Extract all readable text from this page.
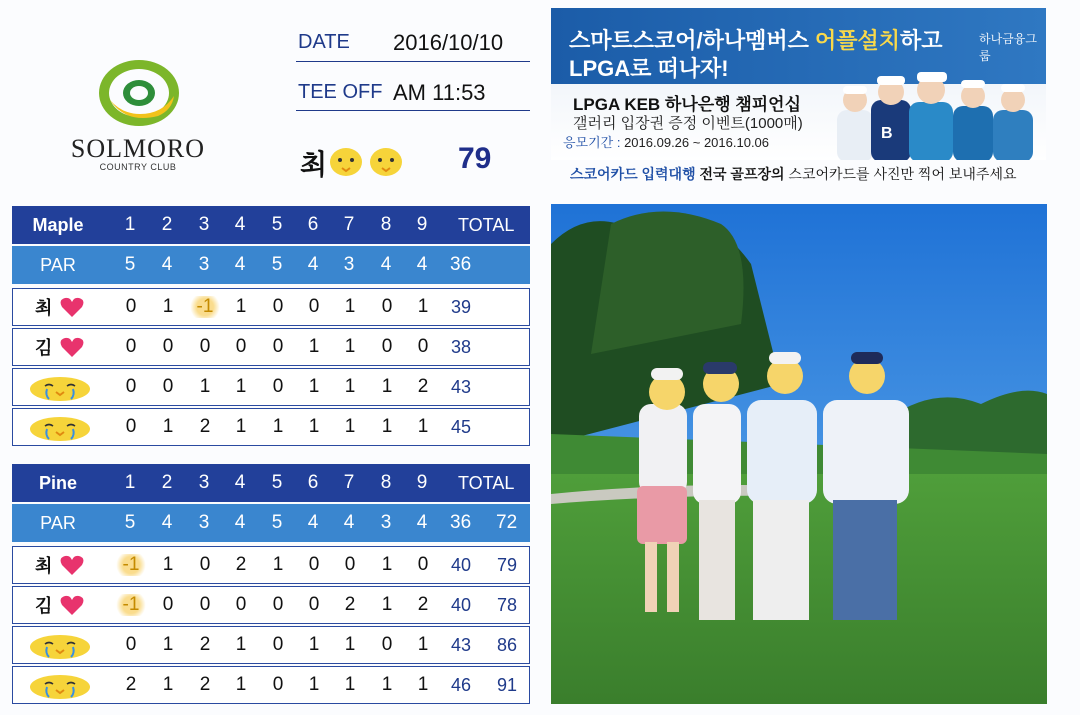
SOLMORO
COUNTRY CLUB
DATE 2016/10/10
TEE OFF AM 11:53
최	79
Maple	1	2	3	4	5	6	7	8	9	TOTAL
PAR	5	4	3	4	5	4	3	4	4	36
최	0	1	-1	1	0	0	1	0	1	39
김	0	0	0	0	0	1	1	0	0	38
0	0	1	1	0	1	1	1	2	43
0	1	2	1	1	1	1	1	1	45
Pine	1	2	3	4	5	6	7	8	9	TOTAL
PAR	5	4	3	4	5	4	4	3	4	36 72
최	-1	1	0	2	1	0	0	1	0	40 79
김	-1	0	0	0	0	0	2	1	2	40 78
0	1	2	1	0	1	1	0	1	43 86
2	1	2	1	0	1	1	1	1	46 91
스마트스코어/하나멤버스 어플설치하고
LPGA로 떠나자!
하나금융그룹
B
LPGA KEB 하나은행 챔피언십
갤러리 입장권 증정 이벤트(1000매)
응모기간 : 2016.09.26 ~ 2016.10.06
스코어카드 입력대행 전국 골프장의 스코어카드를 사진만 찍어 보내주세요
